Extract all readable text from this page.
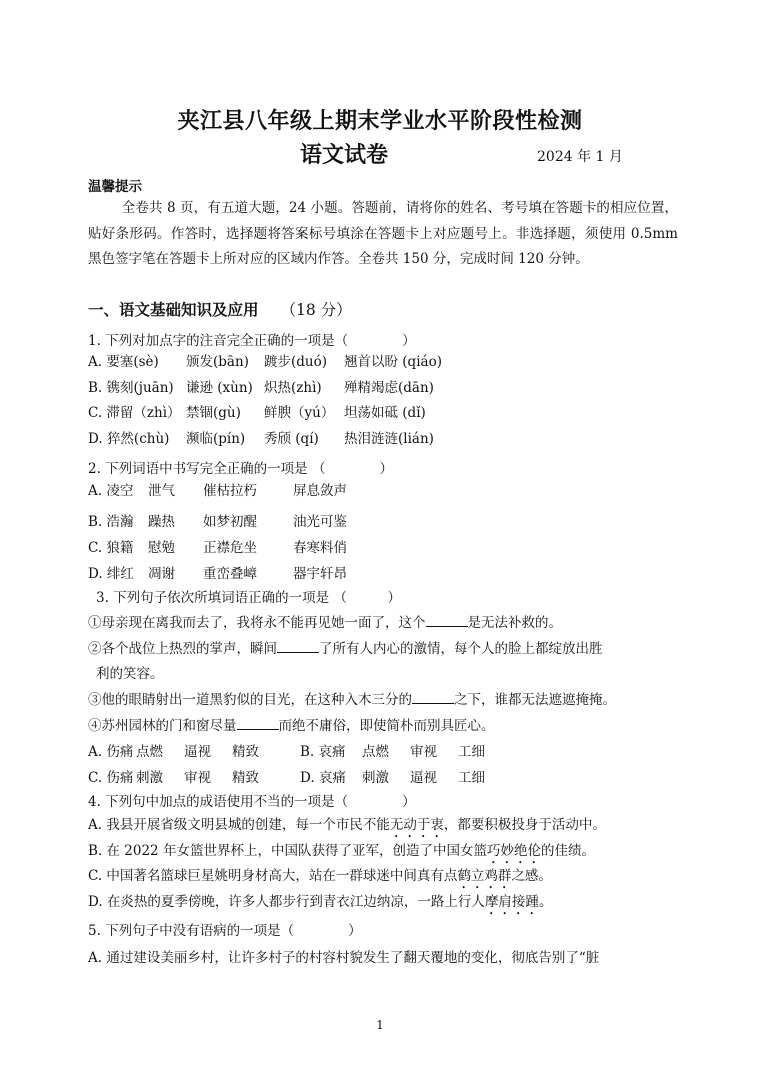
夹江县八年级上期末学业水平阶段性检测
语文试卷	2024 年 1 月
温馨提示
全卷共 8 页，有五道大题，24 小题。答题前，请将你的姓名、考号填在答题卡的相应位置，贴好条形码。作答时，选择题将答案标号填涂在答题卡上对应题号上。非选择题，须使用 0.5mm 黑色签字笔在答题卡上所对应的区域内作答。全卷共 150 分，完成时间 120 分钟。
一、语文基础知识及应用 （18 分）
1. 下列对加点字的注音完全正确的一项是（　　　　）
A. 要塞(sè) 颁发(bān) 踱步(duó) 翘首以盼 (qiáo)
B. 镌刻(juān) 谦逊 (xùn) 炽热(zhì) 殚精竭虑(dān)
C. 滞留（zhì） 禁锢(gù) 鲜腴（yú） 坦荡如砥 (dǐ)
D. 猝然(chù) 濒临(pín) 秀颀 (qí) 热泪涟涟(lián)
2. 下列词语中书写完全正确的一项是 （　　　　）
A. 凌空 泄气 催枯拉朽	屏息敛声
B. 浩瀚 躁热 如梦初醒	油光可鉴
C. 狼籍 慰勉 正襟危坐	春寒料俏
D. 绯红 凋谢 重峦叠嶂	器宇轩昂
3. 下列句子依次所填词语正确的一项是 （　　　）
①母亲现在离我而去了，我将永不能再见她一面了，这个	是无法补救的。
②各个战位上热烈的掌声，瞬间	了所有人内心的激情，每个人的脸上都绽放出胜
利的笑容。
③他的眼睛射出一道黑豹似的目光，在这种入木三分的	之下，谁都无法遮遮掩掩。
④苏州园林的门和窗尽量	而绝不庸俗，即使简朴而别具匠心。
A. 伤痛 点燃 逼视 精致	B. 哀痛 点燃 审视 工细
C. 伤痛 刺激 审视 精致	D. 哀痛 刺激 逼视 工细
4. 下列句中加点的成语使用不当的一项是（　　　　）
A. 我县开展省级文明县城的创建，每一个市民不能无动于衷，都要积极投身于活动中。
B. 在 2022 年女篮世界杯上，中国队获得了亚军，创造了中国女篮巧妙绝伦的佳绩。
C. 中国著名篮球巨星姚明身材高大，站在一群球迷中间真有点鹤立鸡群之感。
D. 在炎热的夏季傍晚，许多人都步行到青衣江边纳凉，一路上行人摩肩接踵。
5. 下列句子中没有语病的一项是（　　　　）
A. 通过建设美丽乡村，让许多村子的村容村貌发生了翻天覆地的变化，彻底告别了“脏
1
